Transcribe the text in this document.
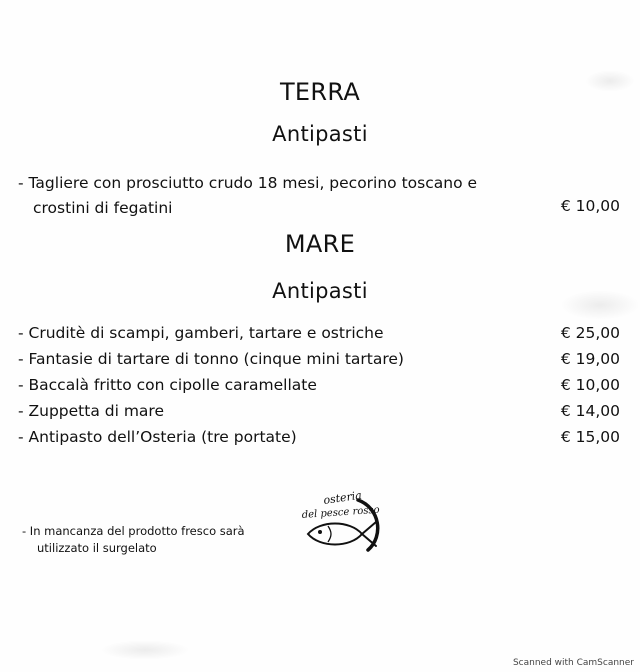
TERRA
Antipasti

- Tagliere con prosciutto crudo 18 mesi, pecorino toscano e

crostini di fegatini	€ 10,00

MARE
Antipasti

- Cruditè di scampi, gamberi, tartare e ostriche	€ 25,00

- Fantasie di tartare di tonno (cinque mini tartare)	€ 19,00

- Baccalà fritto con cipolle caramellate	€ 10,00

- Zuppetta di mare	€ 14,00

- Antipasto dell’Osteria (tre portate)	€ 15,00

- In mancanza del prodotto fresco sarà

utilizzato il surgelato

osteria
del pesce rosso
Scanned with CamScanner
